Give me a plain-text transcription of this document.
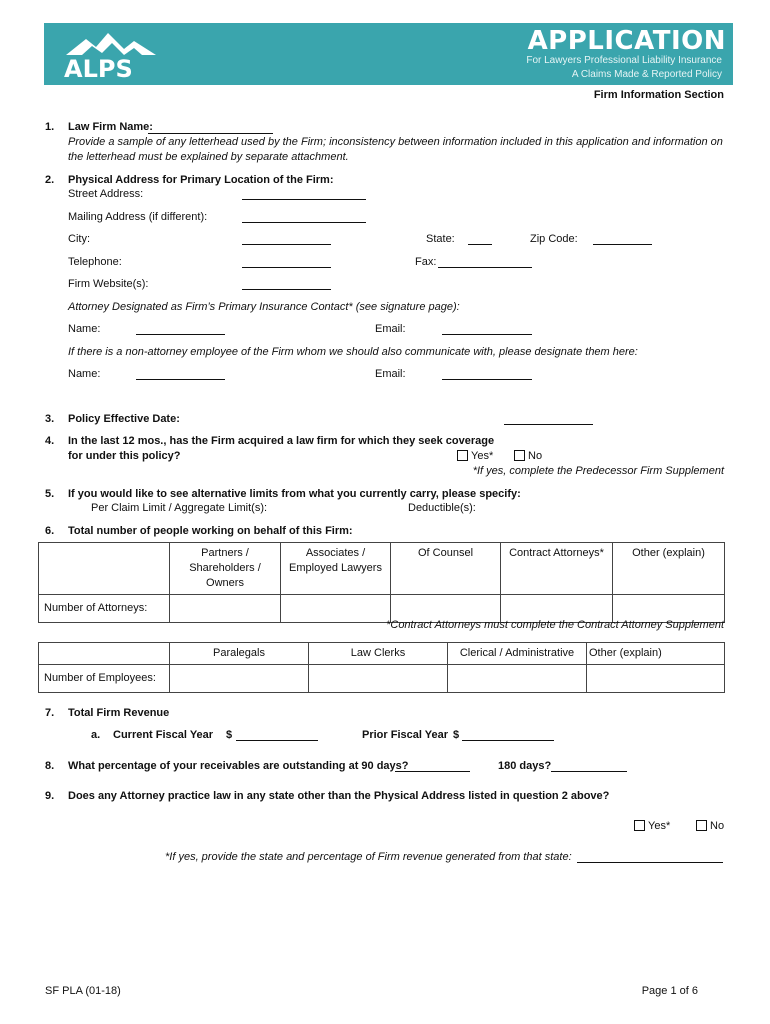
ALPS
APPLICATION
For Lawyers Professional Liability Insurance
A Claims Made & Reported Policy
Firm Information Section
1. Law Firm Name:
Provide a sample of any letterhead used by the Firm; inconsistency between information included in this application and information on
the letterhead must be explained by separate attachment.
2. Physical Address for Primary Location of the Firm:
Street Address:
Mailing Address (if different):
City:	State:	Zip Code:
Telephone:	Fax:
Firm Website(s):
Attorney Designated as Firm’s Primary Insurance Contact* (see signature page):
Name:	Email:
If there is a non-attorney employee of the Firm whom we should also communicate with, please designate them here:
Name:	Email:
3. Policy Effective Date:
4. In the last 12 mos., has the Firm acquired a law firm for which they seek coverage
for under this policy?	Yes*	No
*If yes, complete the Predecessor Firm Supplement
5. If you would like to see alternative limits from what you currently carry, please specify:
Per Claim Limit / Aggregate Limit(s):	Deductible(s):
6. Total number of people working on behalf of this Firm:
	Partners / Shareholders / Owners	Associates / Employed Lawyers	Of Counsel	Contract Attorneys*	Other (explain)
Number of Attorneys:					
*Contract Attorneys must complete the Contract Attorney Supplement
	Paralegals	Law Clerks	Clerical / Administrative	Other (explain)
Number of Employees:				
7. Total Firm Revenue
a. Current Fiscal Year $	Prior Fiscal Year $
8. What percentage of your receivables are outstanding at 90 days?	180 days?
9. Does any Attorney practice law in any state other than the Physical Address listed in question 2 above?
Yes*	No
*If yes, provide the state and percentage of Firm revenue generated from that state:
SF PLA (01-18)	Page 1 of 6
